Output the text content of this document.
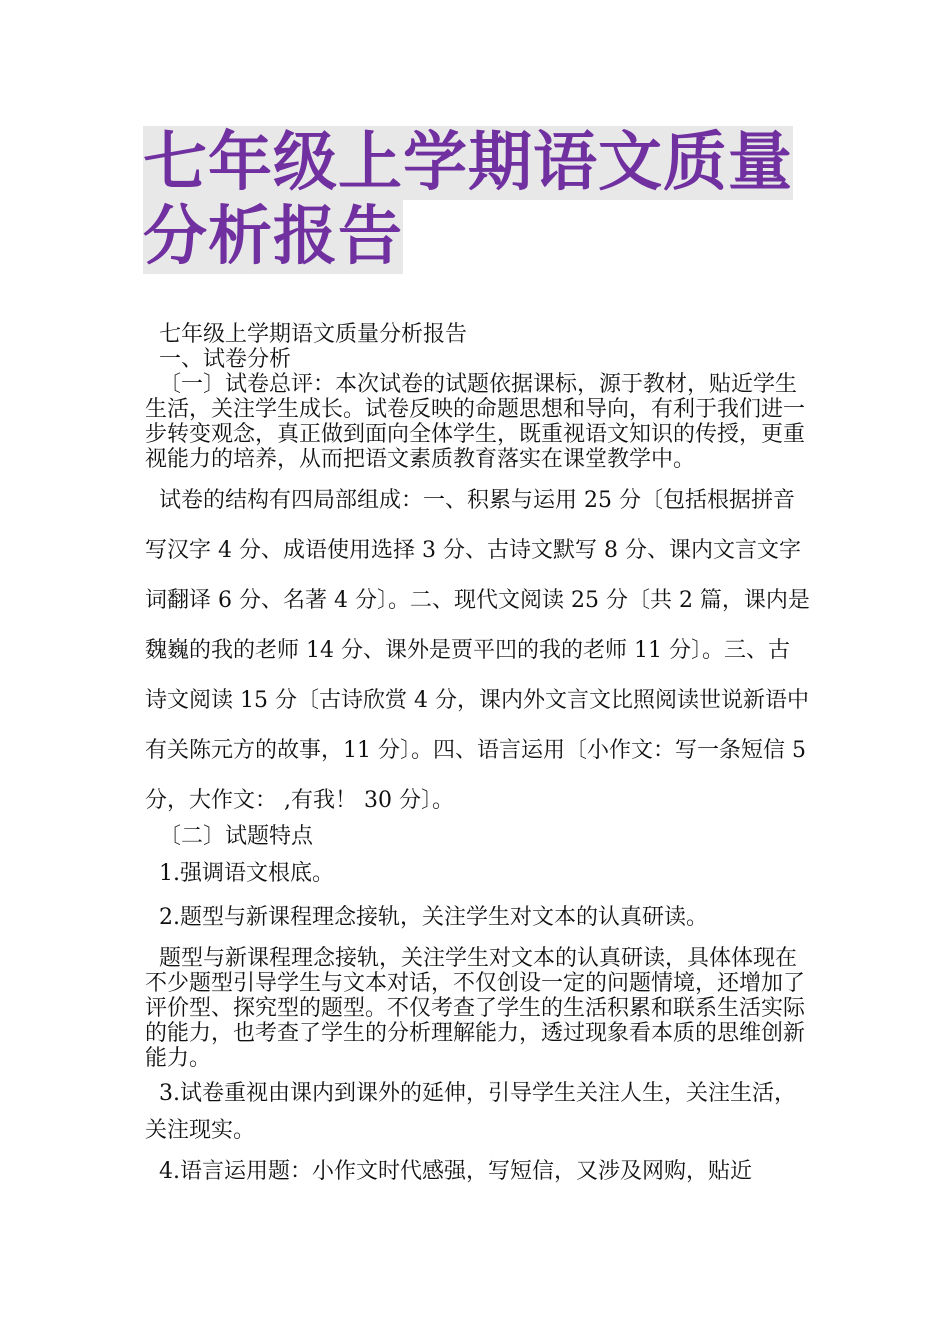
七年级上学期语文质量分析报告

七年级上学期语文质量分析报告

一、试卷分析

〔一〕试卷总评：本次试卷的试题依据课标，源于教材，贴近学生生活，关注学生成长。试卷反映的命题思想和导向，有利于我们进一步转变观念，真正做到面向全体学生，既重视语文知识的传授，更重视能力的培养，从而把语文素质教育落实在课堂教学中。

试卷的结构有四局部组成：一、积累与运用 25 分〔包括根据拼音写汉字 4 分、成语使用选择 3 分、古诗文默写 8 分、课内文言文字词翻译 6 分、名著 4 分〕。二、现代文阅读 25 分〔共 2 篇，课内是魏巍的我的老师 14 分、课外是贾平凹的我的老师 11 分〕。三、古诗文阅读 15 分〔古诗欣赏 4 分，课内外文言文比照阅读世说新语中有关陈元方的故事，11 分〕。四、语言运用〔小作文：写一条短信 5 分，大作文： ,有我！ 30 分〕。

〔二〕试题特点

1.强调语文根底。

2.题型与新课程理念接轨，关注学生对文本的认真研读。

题型与新课程理念接轨，关注学生对文本的认真研读，具体体现在不少题型引导学生与文本对话，不仅创设一定的问题情境，还增加了评价型、探究型的题型。不仅考查了学生的生活积累和联系生活实际的能力，也考查了学生的分析理解能力，透过现象看本质的思维创新能力。

3.试卷重视由课内到课外的延伸，引导学生关注人生，关注生活，关注现实。

4.语言运用题：小作文时代感强，写短信，又涉及网购，贴近
